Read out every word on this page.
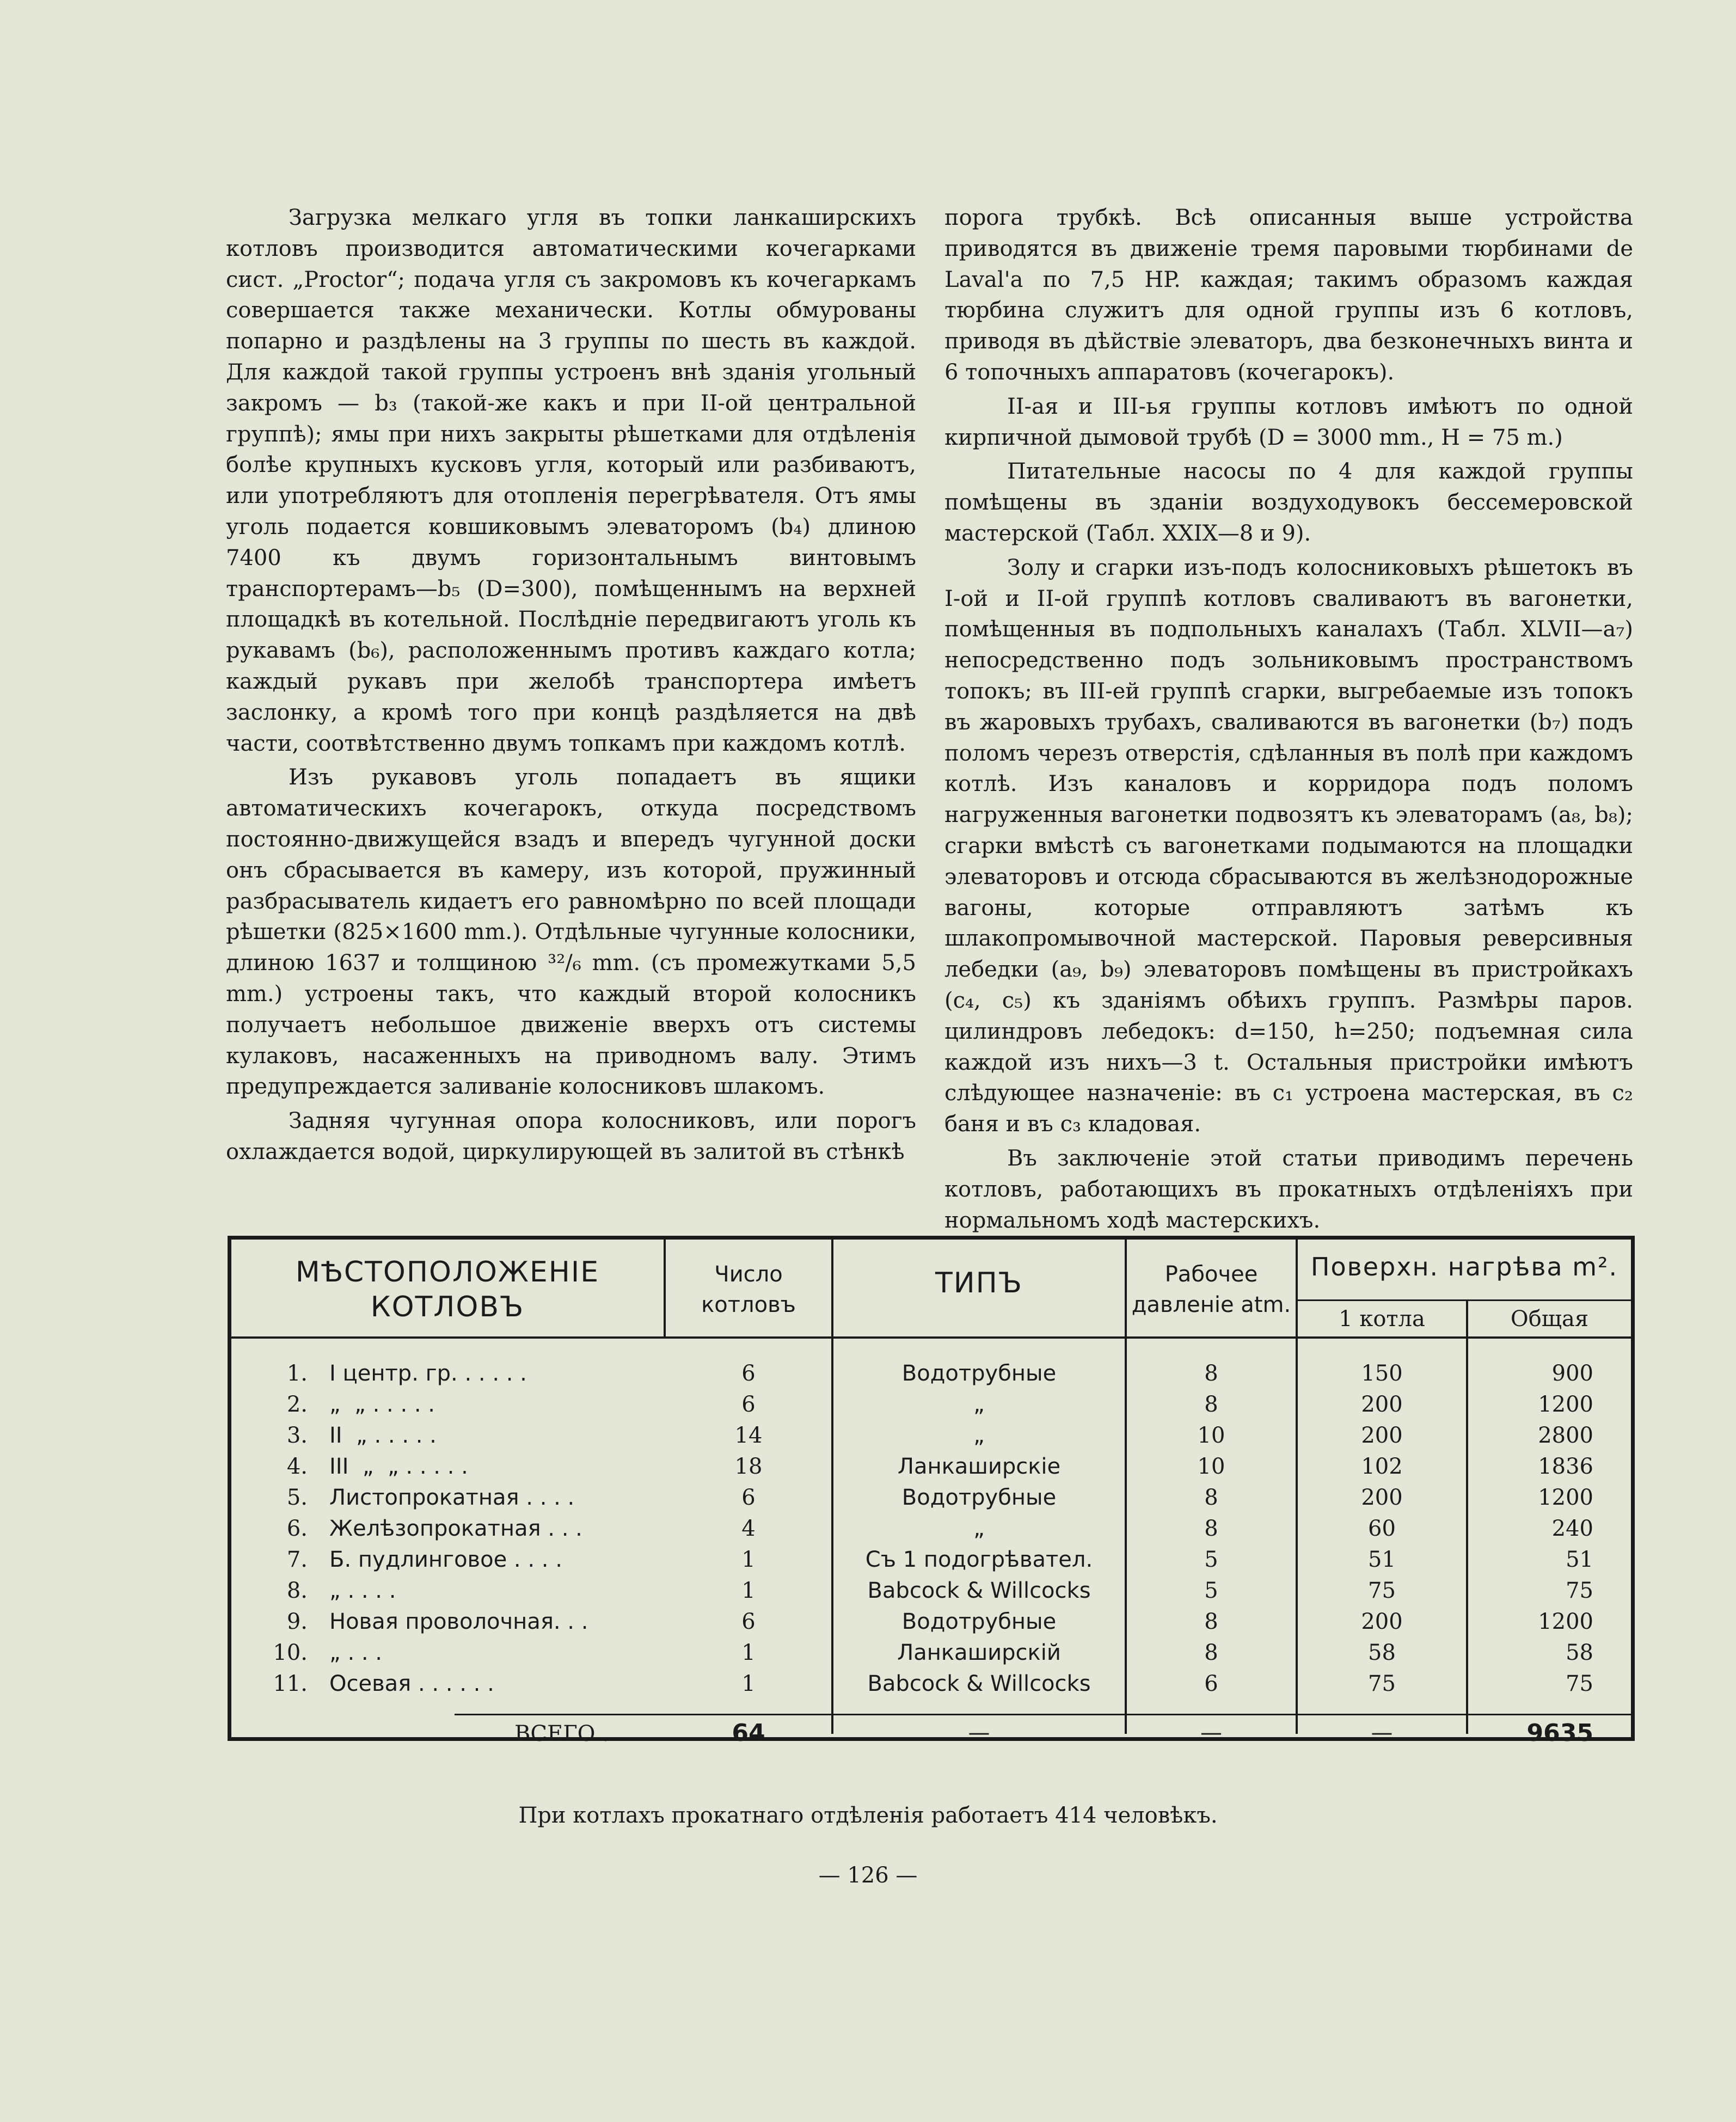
Загрузка мелкаго угля въ топки ланкаширскихъ котловъ производится автоматическими кочегарками сист. „Proctor“; подача угля съ закромовъ къ кочегаркамъ совершается также механически. Котлы обмурованы попарно и раздѣлены на 3 группы по шесть въ каждой. Для каждой такой группы устроенъ внѣ зданія угольный закромъ — b₃ (такой-же какъ и при II-ой центральной группѣ); ямы при нихъ закрыты рѣшетками для отдѣленія болѣе крупныхъ кусковъ угля, который или разбиваютъ, или употребляютъ для отопленія перегрѣвателя. Отъ ямы уголь подается ковшиковымъ элеваторомъ (b₄) длиною 7400 къ двумъ горизонтальнымъ винтовымъ транспортерамъ—b₅ (D=300), помѣщеннымъ на верхней площадкѣ въ котельной. Послѣдніе передвигаютъ уголь къ рукавамъ (b₆), расположеннымъ противъ каждаго котла; каждый рукавъ при желобѣ транспортера имѣетъ заслонку, а кромѣ того при концѣ раздѣляется на двѣ части, соотвѣтственно двумъ топкамъ при каждомъ котлѣ.

Изъ рукавовъ уголь попадаетъ въ ящики автоматическихъ кочегарокъ, откуда посредствомъ постоянно-движущейся взадъ и впередъ чугунной доски онъ сбрасывается въ камеру, изъ которой, пружинный разбрасыватель кидаетъ его равномѣрно по всей площади рѣшетки (825×1600 mm.). Отдѣльные чугунные колосники, длиною 1637 и толщиною ³²/₆ mm. (съ промежутками 5,5 mm.) устроены такъ, что каждый второй колосникъ получаетъ небольшое движеніе вверхъ отъ системы кулаковъ, насаженныхъ на приводномъ валу. Этимъ предупреждается заливаніе колосниковъ шлакомъ.

Задняя чугунная опора колосниковъ, или порогъ охлаждается водой, циркулирующей въ залитой въ стѣнкѣ

порога трубкѣ. Всѣ описанныя выше устройства приводятся въ движеніе тремя паровыми тюрбинами de Laval'а по 7,5 HP. каждая; такимъ образомъ каждая тюрбина служитъ для одной группы изъ 6 котловъ, приводя въ дѣйствіе элеваторъ, два безконечныхъ винта и 6 топочныхъ аппаратовъ (кочегарокъ).

II-ая и III-ья группы котловъ имѣютъ по одной кирпичной дымовой трубѣ (D = 3000 mm., H = 75 m.)

Питательные насосы по 4 для каждой группы помѣщены въ зданіи воздуходувокъ бессемеровской мастерской (Табл. XXIX—8 и 9).

Золу и сгарки изъ-подъ колосниковыхъ рѣшетокъ въ I-ой и II-ой группѣ котловъ сваливаютъ въ вагонетки, помѣщенныя въ подпольныхъ каналахъ (Табл. XLVII—a₇) непосредственно подъ зольниковымъ пространствомъ топокъ; въ III-ей группѣ сгарки, выгребаемые изъ топокъ въ жаровыхъ трубахъ, сваливаются въ вагонетки (b₇) подъ поломъ черезъ отверстія, сдѣланныя въ полѣ при каждомъ котлѣ. Изъ каналовъ и корридора подъ поломъ нагруженныя вагонетки подвозятъ къ элеваторамъ (a₈, b₈); сгарки вмѣстѣ съ вагонетками подымаются на площадки элеваторовъ и отсюда сбрасываются въ желѣзнодорожные вагоны, которые отправляютъ затѣмъ къ шлакопромывочной мастерской. Паровыя реверсивныя лебедки (a₉, b₉) элеваторовъ помѣщены въ пристройкахъ (c₄, c₅) къ зданіямъ обѣихъ группъ. Размѣры паров. цилиндровъ лебедокъ: d=150, h=250; подъемная сила каждой изъ нихъ—3 t. Остальныя пристройки имѣютъ слѣдующее назначеніе: въ c₁ устроена мастерская, въ c₂ баня и въ c₃ кладовая.

Въ заключеніе этой статьи приводимъ перечень котловъ, работающихъ въ прокатныхъ отдѣленіяхъ при нормальномъ ходѣ мастерскихъ.

МѢСТОПОЛОЖЕНІЕ КОТЛОВЪ
Число котловъ
ТИПЪ	Рабочее давленіе atm.
Поверхн. нагрѣва m².
1 котла	Общая
1. I центр. гр. . . . . .	6	Водотрубные	8	150	900
2. „  „ . . . . .	6	„	8	200	1200
3. II  „ . . . . .	14	„	10	200	2800
4. III  „  „ . . . . .	18	Ланкаширскіе	10	102	1836
5. Листопрокатная . . . .	6	Водотрубные	8	200	1200
6. Желѣзопрокатная . . .	4	„	8	60	240
7. Б. пудлинговое . . . .	1	Съ 1 подогрѣвател.	5	51	51
8. „ . . . .	1	Babcock & Willcocks	5	75	75
9. Новая проволочная. . .	6	Водотрубные	8	200	1200
10. „ . . .	1	Ланкаширскій	8	58	58
11. Осевая . . . . . .	1	Babcock & Willcocks	6	75	75
ВСЕГО .	64	—	—	—	9635
При котлахъ прокатнаго отдѣленія работаетъ 414 человѣкъ.
— 126 —
